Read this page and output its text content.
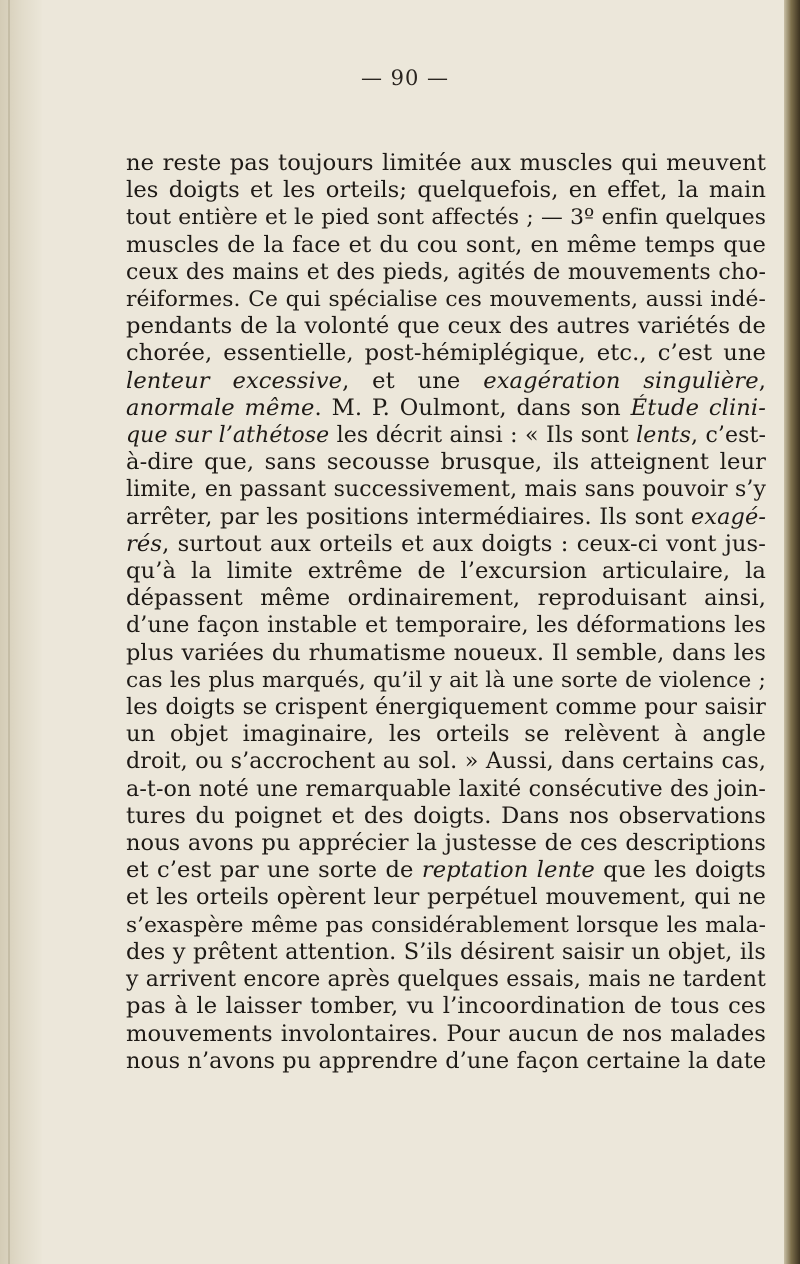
— 90 —
ne reste pas toujours limitée aux muscles qui meuvent
les doigts et les orteils; quelquefois, en effet, la main
tout entière et le pied sont affectés ; — 3º enfin quelques
muscles de la face et du cou sont, en même temps que
ceux des mains et des pieds, agités de mouvements cho-
réiformes. Ce qui spécialise ces mouvements, aussi indé-
pendants de la volonté que ceux des autres variétés de
chorée, essentielle, post-hémiplégique, etc., c’est une
lenteur excessive, et une exagération singulière,
anormale même. M. P. Oulmont, dans son Étude clini-
que sur l’athétose les décrit ainsi : « Ils sont lents, c’est-
à-dire que, sans secousse brusque, ils atteignent leur
limite, en passant successivement, mais sans pouvoir s’y
arrêter, par les positions intermédiaires. Ils sont exagé-
rés, surtout aux orteils et aux doigts : ceux-ci vont jus-
qu’à la limite extrême de l’excursion articulaire, la
dépassent même ordinairement, reproduisant ainsi,
d’une façon instable et temporaire, les déformations les
plus variées du rhumatisme noueux. Il semble, dans les
cas les plus marqués, qu’il y ait là une sorte de violence ;
les doigts se crispent énergiquement comme pour saisir
un objet imaginaire, les orteils se relèvent à angle
droit, ou s’accrochent au sol. » Aussi, dans certains cas,
a-t-on noté une remarquable laxité consécutive des join-
tures du poignet et des doigts. Dans nos observations
nous avons pu apprécier la justesse de ces descriptions
et c’est par une sorte de reptation lente que les doigts
et les orteils opèrent leur perpétuel mouvement, qui ne
s’exaspère même pas considérablement lorsque les mala-
des y prêtent attention. S’ils désirent saisir un objet, ils
y arrivent encore après quelques essais, mais ne tardent
pas à le laisser tomber, vu l’incoordination de tous ces
mouvements involontaires. Pour aucun de nos malades
nous n’avons pu apprendre d’une façon certaine la date
